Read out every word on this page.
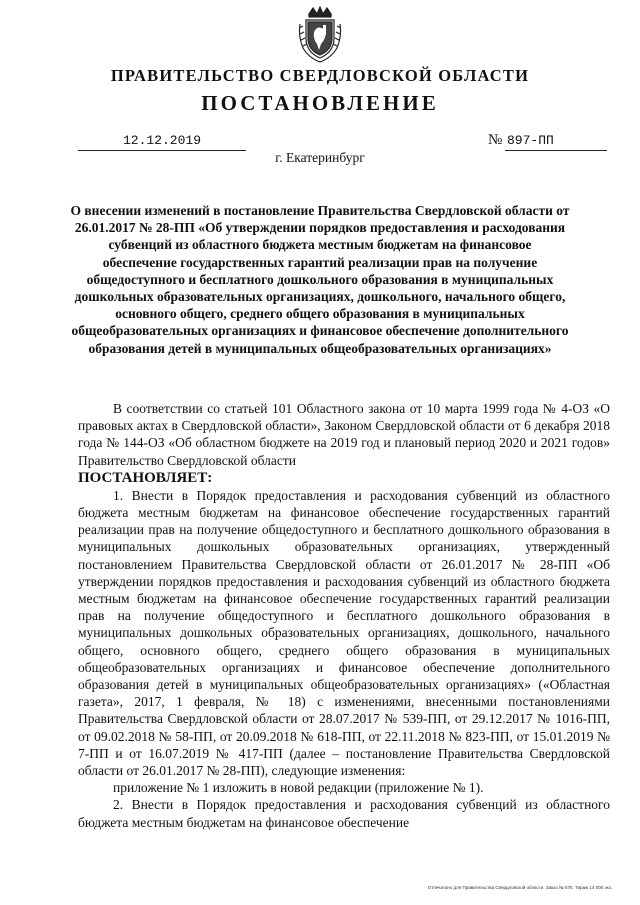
ПРАВИТЕЛЬСТВО СВЕРДЛОВСКОЙ ОБЛАСТИ
ПОСТАНОВЛЕНИЕ
12.12.2019	№ 897-ПП
г. Екатеринбург
О внесении изменений в постановление Правительства Свердловской области от 26.01.2017 № 28-ПП «Об утверждении порядков предоставления и расходования субвенций из областного бюджета местным бюджетам на финансовое обеспечение государственных гарантий реализации прав на получение общедоступного и бесплатного дошкольного образования в муниципальных дошкольных образовательных организациях, дошкольного, начального общего, основного общего, среднего общего образования в муниципальных общеобразовательных организациях и финансовое обеспечение дополнительного образования детей в муниципальных общеобразовательных организациях»

В соответствии со статьей 101 Областного закона от 10 марта 1999 года № 4-ОЗ «О правовых актах в Свердловской области», Законом Свердловской области от 6 декабря 2018 года № 144-ОЗ «Об областном бюджете на 2019 год и плановый период 2020 и 2021 годов» Правительство Свердловской области

ПОСТАНОВЛЯЕТ:

1. Внести в Порядок предоставления и расходования субвенций из областного бюджета местным бюджетам на финансовое обеспечение государственных гарантий реализации прав на получение общедоступного и бесплатного дошкольного образования в муниципальных дошкольных образовательных организациях, утвержденный постановлением Правительства Свердловской области от 26.01.2017 № 28-ПП «Об утверждении порядков предоставления и расходования субвенций из областного бюджета местным бюджетам на финансовое обеспечение государственных гарантий реализации прав на получение общедоступного и бесплатного дошкольного образования в муниципальных дошкольных образовательных организациях, дошкольного, начального общего, основного общего, среднего общего образования в муниципальных общеобразовательных организациях и финансовое обеспечение дополнительного образования детей в муниципальных общеобразовательных организациях» («Областная газета», 2017, 1 февраля, № 18) с изменениями, внесенными постановлениями Правительства Свердловской области от 28.07.2017 № 539-ПП, от 29.12.2017 № 1016-ПП, от 09.02.2018 № 58-ПП, от 20.09.2018 № 618-ПП, от 22.11.2018 № 823-ПП, от 15.01.2019 № 7-ПП и от 16.07.2019 № 417-ПП (далее – постановление Правительства Свердловской области от 26.01.2017 № 28-ПП), следующие изменения:

приложение № 1 изложить в новой редакции (приложение № 1).

2. Внести в Порядок предоставления и расходования субвенций из областного бюджета местным бюджетам на финансовое обеспечение

Отпечатано для Правительства Свердловской области. Заказ № 575. Тираж 14 000 экз.
